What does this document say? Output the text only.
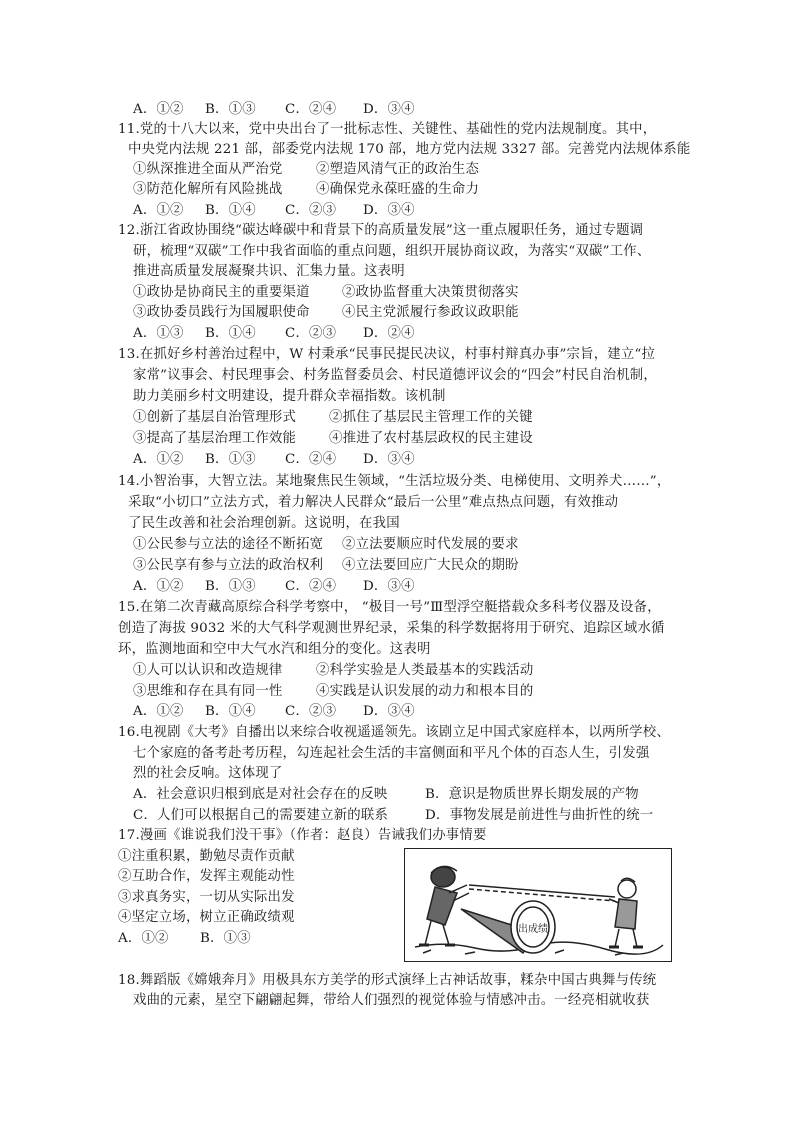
A．①② B．①③ C．②④ D．③④
11.党的十八大以来，党中央出台了一批标志性、关键性、基础性的党内法规制度。其中，
中央党内法规 221 部，部委党内法规 170 部，地方党内法规 3327 部。完善党内法规体系能
①纵深推进全面从严治党	②塑造风清气正的政治生态
③防范化解所有风险挑战	④确保党永葆旺盛的生命力
A．①② B．①④ C．②③ D．③④
12.浙江省政协围绕“碳达峰碳中和背景下的高质量发展”这一重点履职任务，通过专题调
研，梳理“双碳”工作中我省面临的重点问题，组织开展协商议政，为落实“双碳”工作、
推进高质量发展凝聚共识、汇集力量。这表明
①政协是协商民主的重要渠道 ②政协监督重大决策贯彻落实
③政协委员践行为国履职使命 ④民主党派履行参政议政职能
A．①③ B．①④ C．②③ D．②④
13.在抓好乡村善治过程中，W 村秉承“民事民提民决议，村事村辩真办事”宗旨，建立“拉
家常”议事会、村民理事会、村务监督委员会、村民道德评议会的“四会”村民自治机制，
助力美丽乡村文明建设，提升群众幸福指数。该机制
①创新了基层自治管理形式 ②抓住了基层民主管理工作的关键
③提高了基层治理工作效能 ④推进了农村基层政权的民主建设
A．①② B．①③ C．②④ D．③④
14.小智治事，大智立法。某地聚焦民生领域，“生活垃圾分类、电梯使用、文明养犬……”，
采取“小切口”立法方式，着力解决人民群众“最后一公里”难点热点问题，有效推动
了民生改善和社会治理创新。这说明，在我国
①公民参与立法的途径不断拓宽 ②立法要顺应时代发展的要求
③公民享有参与立法的政治权利 ④立法要回应广大民众的期盼
A．①② B．①③ C．②④ D．③④
15.在第二次青藏高原综合科学考察中， “极目一号”Ⅲ型浮空艇搭载众多科考仪器及设备，
创造了海拔 9032 米的大气科学观测世界纪录，采集的科学数据将用于研究、追踪区域水循
环，监测地面和空中大气水汽和组分的变化。这表明
①人可以认识和改造规律	②科学实验是人类最基本的实践活动
③思维和存在具有同一性	④实践是认识发展的动力和根本目的
A．①② B．①④ C．②③ D．③④
16.电视剧《大考》自播出以来综合收视遥遥领先。该剧立足中国式家庭样本，以两所学校、
七个家庭的备考赴考历程，勾连起社会生活的丰富侧面和平凡个体的百态人生，引发强
烈的社会反响。这体现了
A．社会意识归根到底是对社会存在的反映	B．意识是物质世界长期发展的产物
C．人们可以根据自己的需要建立新的联系	D．事物发展是前进性与曲折性的统一
17.漫画《谁说我们没干事》（作者：赵良）告诫我们办事情要
①注重积累，勤勉尽责作贡献
②互助合作，发挥主观能动性
③求真务实，一切从实际出发
④坚定立场，树立正确政绩观
A．①② B．①③
出成绩
18.舞蹈版《嫦娥奔月》用极具东方美学的形式演绎上古神话故事，糅杂中国古典舞与传统
戏曲的元素，星空下翩翩起舞，带给人们强烈的视觉体验与情感冲击。一经亮相就收获
